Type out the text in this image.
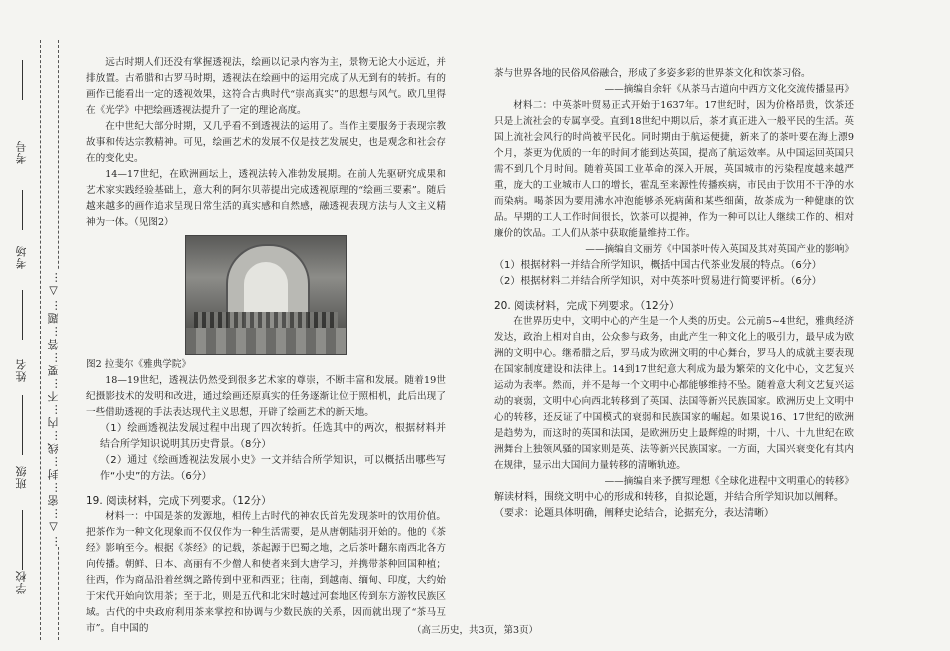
考号
考场
姓名
班级
学校
…△…密…封…线…内…不…要…答…题…△…

远古时期人们还没有掌握透视法，绘画以记录内容为主，景物无论大小远近，并排放置。古希腊和古罗马时期，透视法在绘画中的运用完成了从无到有的转折。有的画作已能看出一定的透视效果，这符合古典时代“崇高真实”的思想与风气。欧几里得在《光学》中把绘画透视法提升了一定的理论高度。

在中世纪大部分时期，又几乎看不到透视法的运用了。当作主要服务于表现宗教故事和传达宗教精神。可见，绘画艺术的发展不仅是技艺发展史，也是观念和社会存在的变化史。

14—17世纪，在欧洲画坛上，透视法转入准勃发展期。在前人先驱研究成果和艺术家实践经验基础上，意大利的阿尔贝蒂提出完成透视原理的“绘画三要素”。随后越来越多的画作追求呈现日常生活的真实感和自然感，融透视表现方法与人文主义精神为一体。（见图2）

图2 拉斐尔《雅典学院》

18—19世纪，透视法仍然受到很多艺术家的尊崇，不断丰富和发展。随着19世纪摄影技术的发明和改进，通过绘画还原真实的任务逐渐让位于照相机，此后出现了一些借助透视的手法表达现代主义思想，开辟了绘画艺术的新天地。

（1）绘画透视法发展过程中出现了四次转折。任选其中的两次，根据材料并结合所学知识说明其历史背景。（8分）

（2）通过《绘画透视法发展小史》一文并结合所学知识，可以概括出哪些写作“小史”的方法。（6分）

19. 阅读材料，完成下列要求。（12分）

材料一：中国是茶的发源地，相传上古时代的神农氏首先发现茶叶的饮用价值。把茶作为一种文化现象而不仅仅作为一种生活需要，是从唐朝陆羽开始的。他的《茶经》影响至今。根据《茶经》的记载，茶起源于巴蜀之地，之后茶叶翻东南西北各方向传播。朝鲜、日本、高丽有不少僧人和使者来到大唐学习，并携带茶种回国种植；往西，作为商品沿着丝绸之路传到中亚和西亚；往南，到越南、缅甸、印度，大约始于宋代开始向饮用茶；至于北，则是五代和北宋时越过河套地区传到东方游牧民族区域。古代的中央政府利用茶来掌控和协调与少数民族的关系，因而就出现了“茶马互市”。自中国的

茶与世界各地的民俗风俗融合，形成了多姿多彩的世界茶文化和饮茶习俗。

——摘编自余轩《从茶马古道向中西方文化交流传播显再》

材料二：中英茶叶贸易正式开始于1637年。17世纪时，因为价格昂贵，饮茶还只是上流社会的专属享受。直到18世纪中期以后，茶才真正进入一般平民的生活。英国上流社会风行的时尚被平民化。同时期由于航运便捷，新来了的茶叶要在海上漂9个月，茶更为优质的一年的时间才能到达英国，提高了航运效率。从中国运回英国只需不到几个月时间。随着英国工业革命的深入开展，英国城市的污染程度越来越严重，庞大的工业城市人口的增长，霍乱至来源性传播疾病，市民由于饮用不干净的水而染病。喝茶因为要用沸水冲泡能够杀死病菌和某些细菌，故茶成为一种健康的饮品。早期的工人工作时间很长，饮茶可以提神，作为一种可以让人继续工作的、相对廉价的饮品。工人们从茶中获取能量维持工作。

——摘编自文丽芳《中国茶叶传入英国及其对英国产业的影响》

（1）根据材料一并结合所学知识，概括中国古代茶业发展的特点。（6分）

（2）根据材料二并结合所学知识，对中英茶叶贸易进行简要评析。（6分）

20. 阅读材料，完成下列要求。（12分）

在世界历史中，文明中心的产生是一个人类的历史。公元前5~4世纪，雅典经济发达，政治上相对自由，公众参与政务，由此产生一种文化上的吸引力，最早成为欧洲的文明中心。继希腊之后，罗马成为欧洲文明的中心舞台，罗马人的成就主要表现在国家制度建设和法律上。14到17世纪意大利成为最为繁荣的文化中心，文艺复兴运动为表率。然而，并不是每一个文明中心都能够维持不坠。随着意大利文艺复兴运动的衰弱，文明中心向西北转移到了英国、法国等新兴民族国家。欧洲历史上文明中心的转移，还反证了中国模式的衰弱和民族国家的崛起。如果说16、17世纪的欧洲是趋势为，而这时的英国和法国，是欧洲历史上最辉煌的时期，十八、十九世纪在欧洲舞台上独领风骚的国家则是英、法等新兴民族国家。一方面，大国兴衰变化有其内在规律，显示出大国间力量转移的清晰轨迹。

——摘编自来予撰写理想《全球化进程中文明重心的转移》

解读材料，围绕文明中心的形成和转移，自拟论题，并结合所学知识加以阐释。

（要求：论题具体明确，阐释史论结合，论据充分，表达清晰）

（高三历史，共3页，第3页）
